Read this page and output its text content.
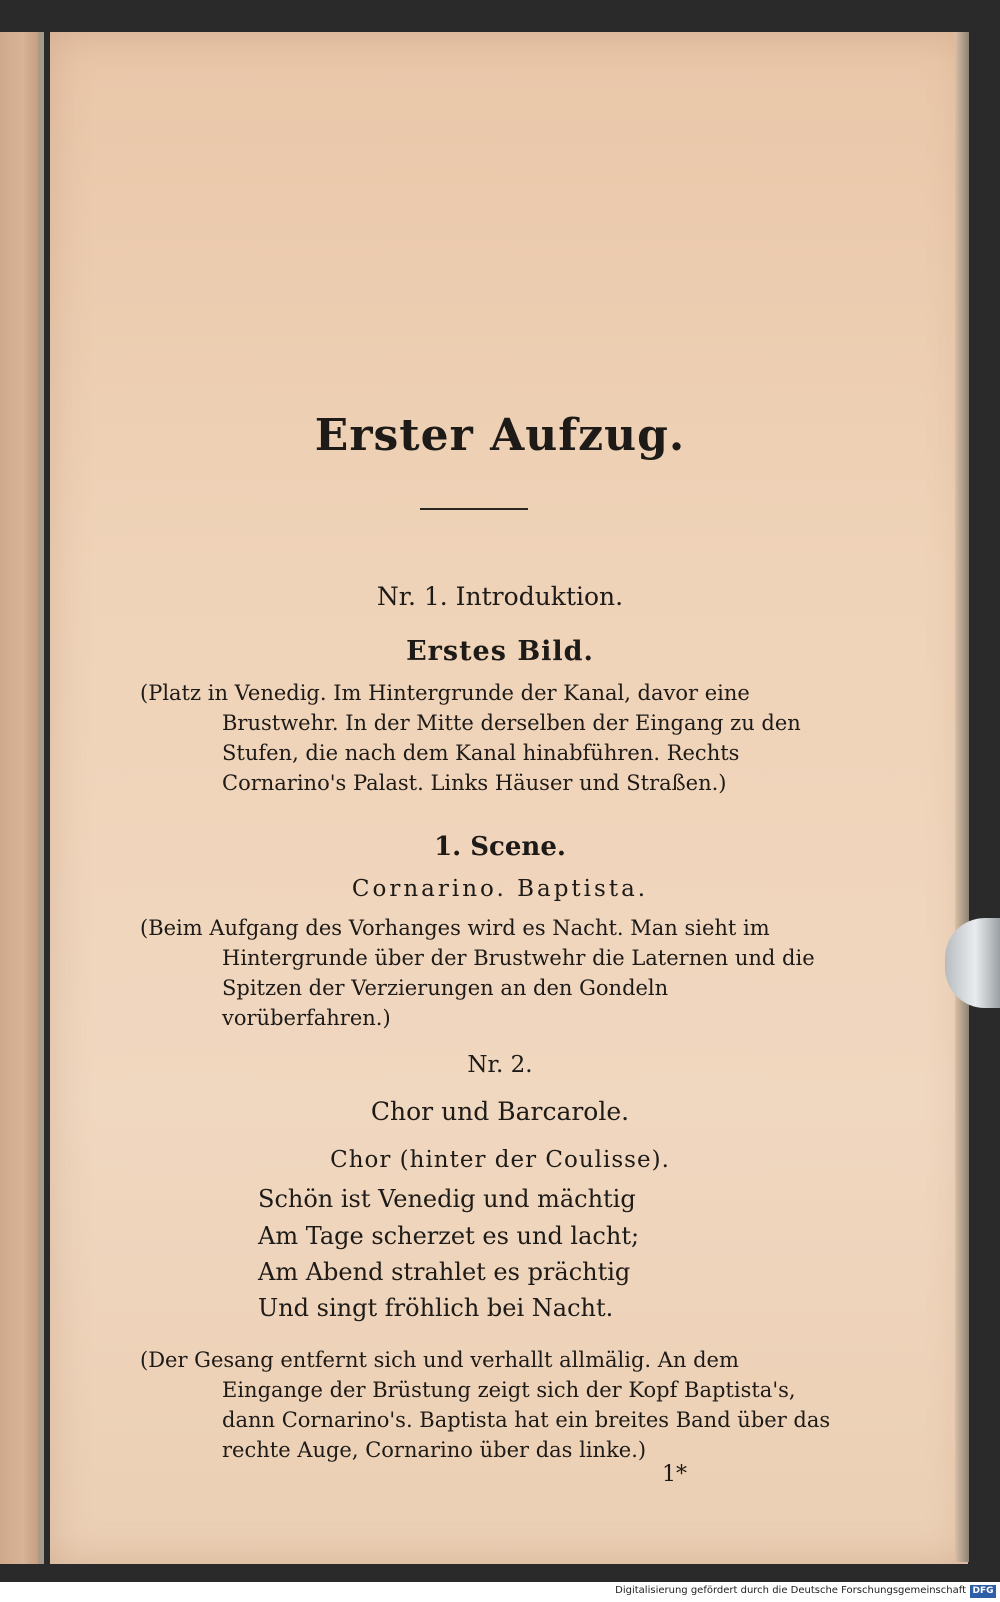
Erster Aufzug.
Nr. 1. Introduktion.
Erstes Bild.
(Platz in Venedig. Im Hintergrunde der Kanal, davor eine Brustwehr. In der Mitte derselben der Eingang zu den Stufen, die nach dem Kanal hinabführen. Rechts Cornarino's Palast. Links Häuser und Straßen.)
1. Scene.
Cornarino. Baptista.
(Beim Aufgang des Vorhanges wird es Nacht. Man sieht im Hintergrunde über der Brustwehr die Laternen und die Spitzen der Verzierungen an den Gondeln vorüberfahren.)
Nr. 2.
Chor und Barcarole.
Chor (hinter der Coulisse).
Schön ist Venedig und mächtig
Am Tage scherzet es und lacht;
Am Abend strahlet es prächtig
Und singt fröhlich bei Nacht.
(Der Gesang entfernt sich und verhallt allmälig. An dem Eingange der Brüstung zeigt sich der Kopf Baptista's, dann Cornarino's. Baptista hat ein breites Band über das rechte Auge, Cornarino über das linke.)
1*
Digitalisierung gefördert durch die Deutsche Forschungsgemeinschaft DFG
